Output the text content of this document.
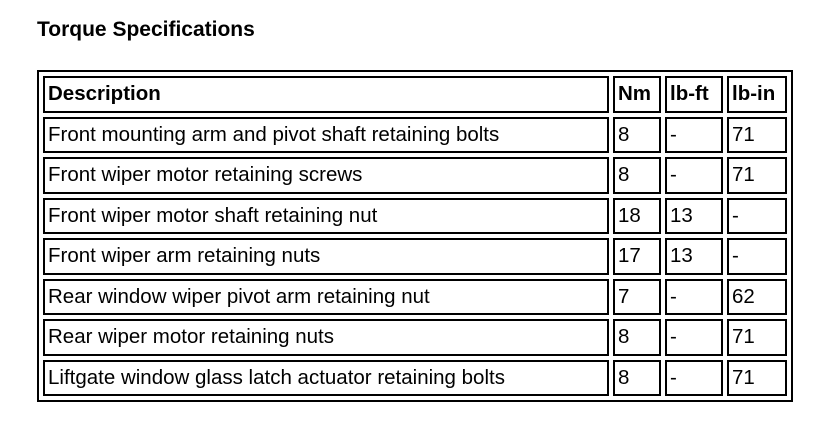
Torque Specifications
Description	Nm	lb-ft	lb-in
Front mounting arm and pivot shaft retaining bolts	8	-	71
Front wiper motor retaining screws	8	-	71
Front wiper motor shaft retaining nut	18	13	-
Front wiper arm retaining nuts	17	13	-
Rear window wiper pivot arm retaining nut	7	-	62
Rear wiper motor retaining nuts	8	-	71
Liftgate window glass latch actuator retaining bolts	8	-	71
